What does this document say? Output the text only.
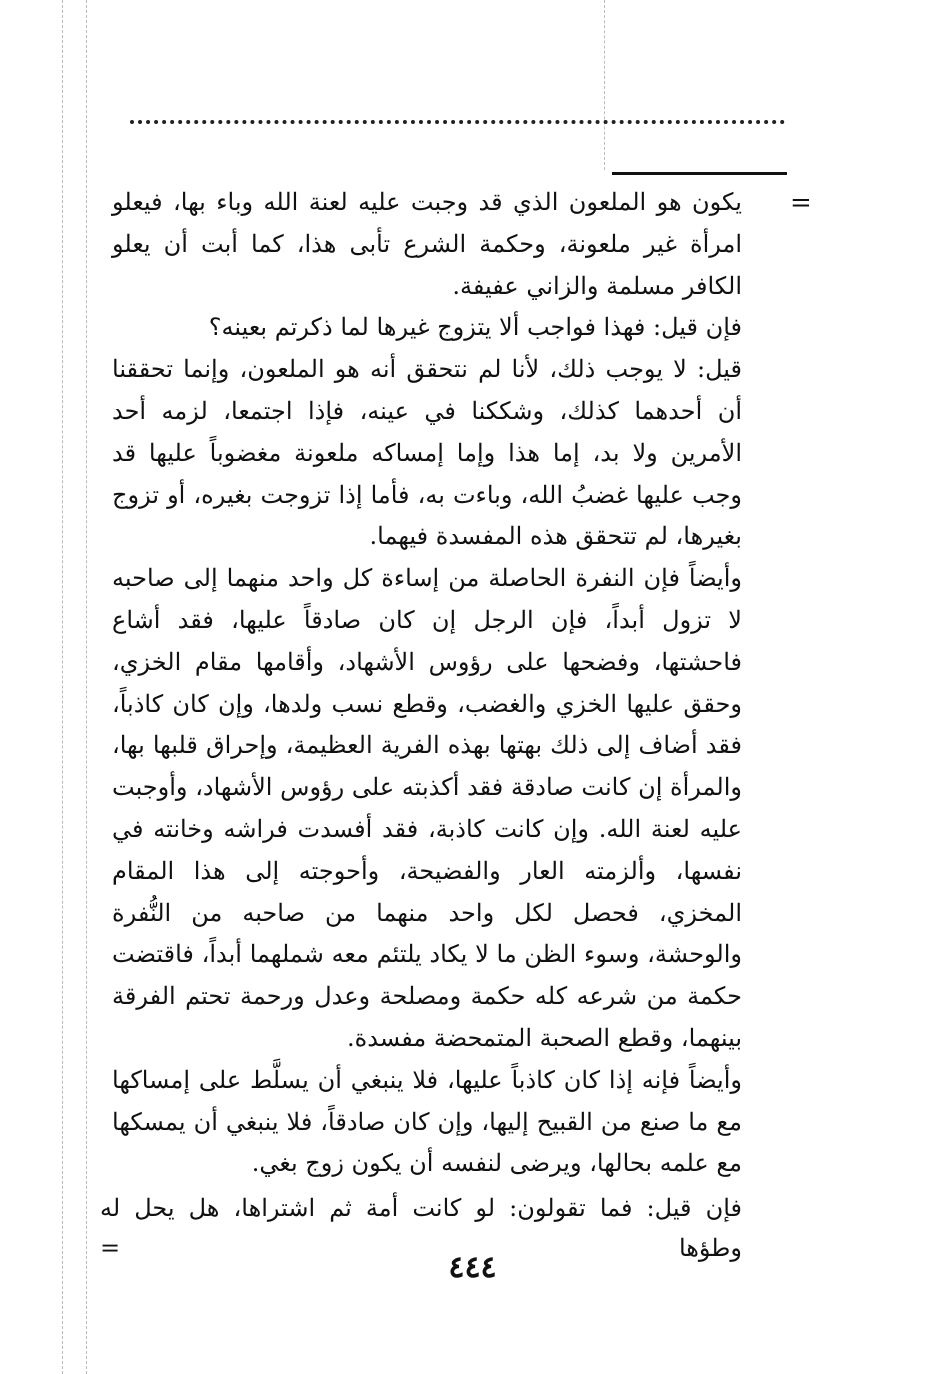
=

يكون هو الملعون الذي قد وجبت عليه لعنة الله وباء بها، فيعلو امرأة غير ملعونة، وحكمة الشرع تأبى هذا، كما أبت أن يعلو الكافر مسلمة والزاني عفيفة.

فإن قيل: فهذا فواجب ألا يتزوج غيرها لما ذكرتم بعينه؟

قيل: لا يوجب ذلك، لأنا لم نتحقق أنه هو الملعون، وإنما تحققنا أن أحدهما كذلك، وشككنا في عينه، فإذا اجتمعا، لزمه أحد الأمرين ولا بد، إما هذا وإما إمساكه ملعونة مغضوباً عليها قد وجب عليها غضبُ الله، وباءت به، فأما إذا تزوجت بغيره، أو تزوج بغيرها، لم تتحقق هذه المفسدة فيهما.

وأيضاً فإن النفرة الحاصلة من إساءة كل واحد منهما إلى صاحبه لا تزول أبداً، فإن الرجل إن كان صادقاً عليها، فقد أشاع فاحشتها، وفضحها على رؤوس الأشهاد، وأقامها مقام الخزي، وحقق عليها الخزي والغضب، وقطع نسب ولدها، وإن كان كاذباً، فقد أضاف إلى ذلك بهتها بهذه الفرية العظيمة، وإحراق قلبها بها، والمرأة إن كانت صادقة فقد أكذبته على رؤوس الأشهاد، وأوجبت عليه لعنة الله. وإن كانت كاذبة، فقد أفسدت فراشه وخانته في نفسها، وألزمته العار والفضيحة، وأحوجته إلى هذا المقام المخزي، فحصل لكل واحد منهما من صاحبه من النُّفرة والوحشة، وسوء الظن ما لا يكاد يلتئم معه شملهما أبداً، فاقتضت حكمة من شرعه كله حكمة ومصلحة وعدل ورحمة تحتم الفرقة بينهما، وقطع الصحبة المتمحضة مفسدة.

وأيضاً فإنه إذا كان كاذباً عليها، فلا ينبغي أن يسلَّط على إمساكها مع ما صنع من القبيح إليها، وإن كان صادقاً، فلا ينبغي أن يمسكها مع علمه بحالها، ويرضى لنفسه أن يكون زوج بغي.

فإن قيل: فما تقولون: لو كانت أمة ثم اشتراها، هل يحل له وطؤها =
٤٤٤
